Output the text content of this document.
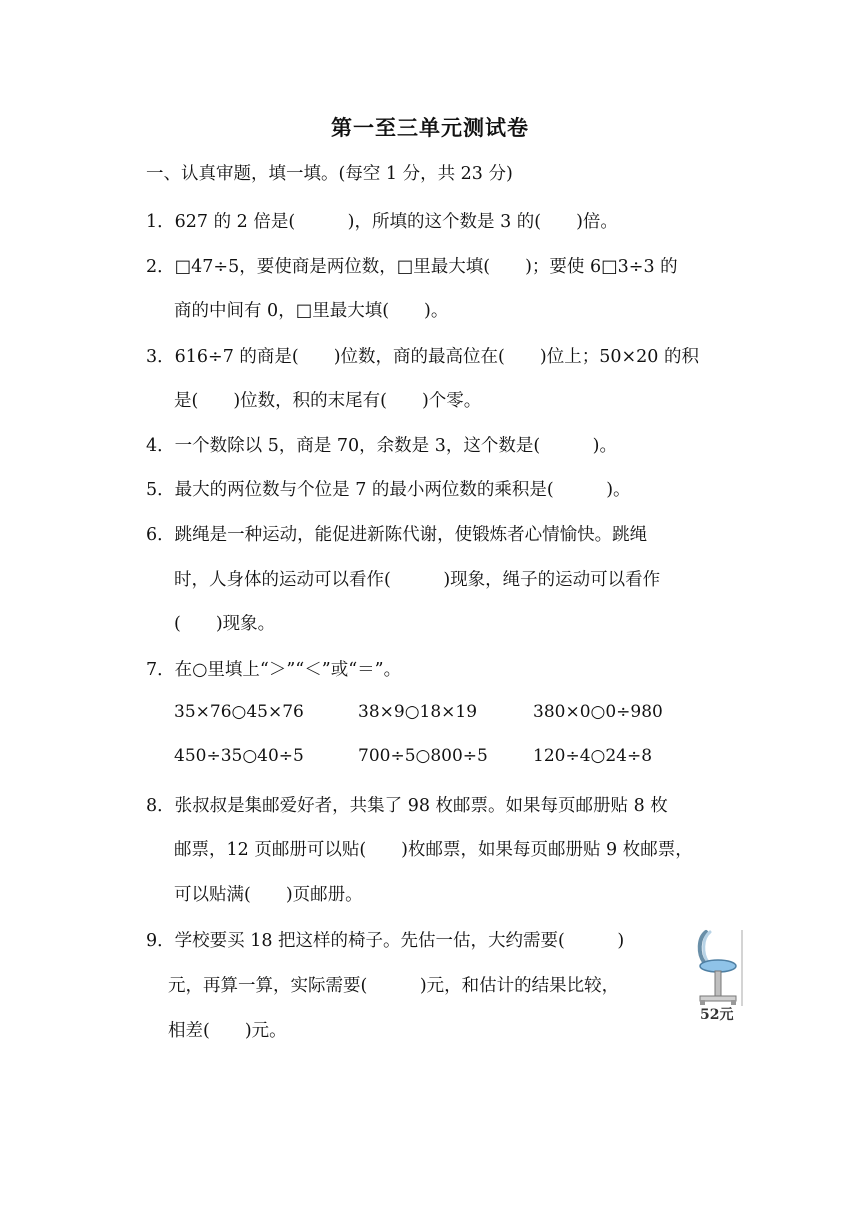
第一至三单元测试卷
一、认真审题，填一填。(每空 1 分，共 23 分)
1．627 的 2 倍是(　　　)，所填的这个数是 3 的(　　)倍。
2．□47÷5，要使商是两位数，□里最大填(　　)；要使 6□3÷3 的
商的中间有 0，□里最大填(　　)。
3．616÷7 的商是(　　)位数，商的最高位在(　　)位上；50×20 的积
是(　　)位数，积的末尾有(　　)个零。
4．一个数除以 5，商是 70，余数是 3，这个数是(　　　)。
5．最大的两位数与个位是 7 的最小两位数的乘积是(　　　)。
6．跳绳是一种运动，能促进新陈代谢，使锻炼者心情愉快。跳绳
时，人身体的运动可以看作(　　　)现象，绳子的运动可以看作
(　　)现象。
7．在○里填上“＞”“＜”或“＝”。
35×76○45×76	38×9○18×19	380×0○0÷980
450÷35○40÷5	700÷5○800÷5	120÷4○24÷8
8．张叔叔是集邮爱好者，共集了 98 枚邮票。如果每页邮册贴 8 枚
邮票，12 页邮册可以贴(　　)枚邮票，如果每页邮册贴 9 枚邮票，
可以贴满(　　)页邮册。
9．学校要买 18 把这样的椅子。先估一估，大约需要(　　　)
元，再算一算，实际需要(　　　)元，和估计的结果比较，
相差(　　)元。
52元
